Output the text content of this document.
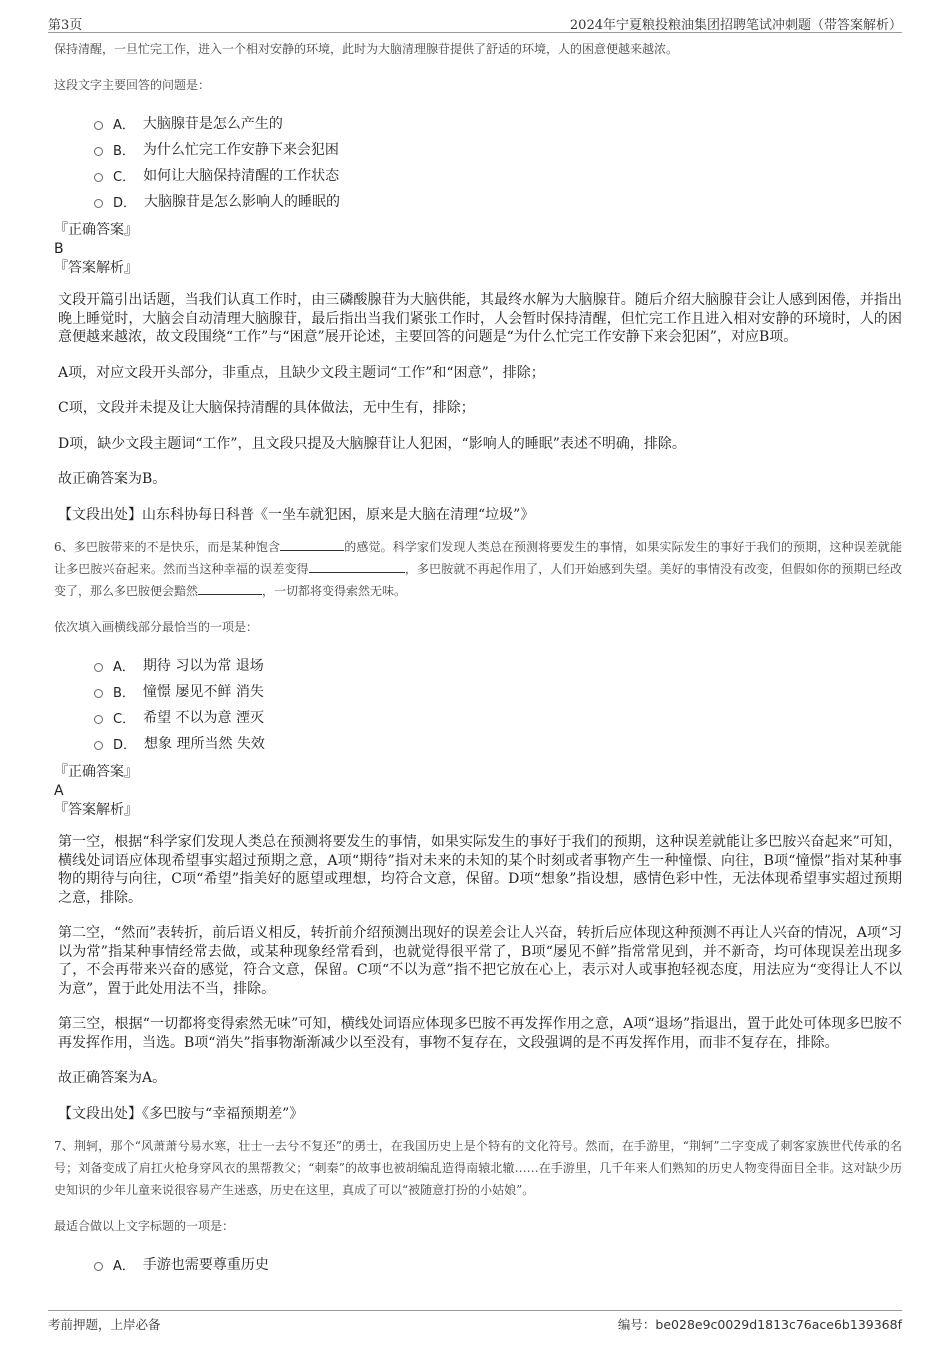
第3页	2024年宁夏粮投粮油集团招聘笔试冲刺题（带答案解析）

保持清醒，一旦忙完工作，进入一个相对安静的环境，此时为大脑清理腺苷提供了舒适的环境，人的困意便越来越浓。

这段文字主要回答的问题是：

A． 大脑腺苷是怎么产生的
B． 为什么忙完工作安静下来会犯困
C． 如何让大脑保持清醒的工作状态
D． 大脑腺苷是怎么影响人的睡眠的

『正确答案』

B

『答案解析』

文段开篇引出话题，当我们认真工作时，由三磷酸腺苷为大脑供能，其最终水解为大脑腺苷。随后介绍大脑腺苷会让人感到困倦，并指出晚上睡觉时，大脑会自动清理大脑腺苷，最后指出当我们紧张工作时，人会暂时保持清醒，但忙完工作且进入相对安静的环境时，人的困意便越来越浓，故文段围绕“工作”与“困意”展开论述，主要回答的问题是“为什么忙完工作安静下来会犯困”，对应B项。

A项，对应文段开头部分，非重点，且缺少文段主题词“工作”和“困意”，排除；

C项，文段并未提及让大脑保持清醒的具体做法，无中生有，排除；

D项，缺少文段主题词“工作”，且文段只提及大脑腺苷让人犯困，“影响人的睡眠”表述不明确，排除。

故正确答案为B。

【文段出处】山东科协每日科普《一坐车就犯困，原来是大脑在清理“垃圾”》

6、多巴胺带来的不是快乐，而是某种饱含	的感觉。科学家们发现人类总在预测将要发生的事情，如果实际发生的事好于我们的预期，这种误差就能让多巴胺兴奋起来。然而当这种幸福的误差变得	，多巴胺就不再起作用了，人们开始感到失望。美好的事情没有改变，但假如你的预期已经改变了，那么多巴胺便会黯然	，一切都将变得索然无味。

依次填入画横线部分最恰当的一项是：

A． 期待 习以为常 退场
B． 憧憬 屡见不鲜 消失
C． 希望 不以为意 湮灭
D． 想象 理所当然 失效

『正确答案』

A

『答案解析』

第一空，根据“科学家们发现人类总在预测将要发生的事情，如果实际发生的事好于我们的预期，这种误差就能让多巴胺兴奋起来”可知，横线处词语应体现希望事实超过预期之意，A项“期待”指对未来的未知的某个时刻或者事物产生一种憧憬、向往，B项“憧憬”指对某种事物的期待与向往，C项“希望”指美好的愿望或理想，均符合文意，保留。D项“想象”指设想，感情色彩中性，无法体现希望事实超过预期之意，排除。

第二空，“然而”表转折，前后语义相反，转折前介绍预测出现好的误差会让人兴奋，转折后应体现这种预测不再让人兴奋的情况，A项“习以为常”指某种事情经常去做，或某种现象经常看到，也就觉得很平常了，B项“屡见不鲜”指常常见到，并不新奇，均可体现误差出现多了，不会再带来兴奋的感觉，符合文意，保留。C项“不以为意”指不把它放在心上，表示对人或事抱轻视态度，用法应为“变得让人不以为意”，置于此处用法不当，排除。

第三空，根据“一切都将变得索然无味”可知，横线处词语应体现多巴胺不再发挥作用之意，A项“退场”指退出，置于此处可体现多巴胺不再发挥作用，当选。B项“消失”指事物渐渐减少以至没有，事物不复存在，文段强调的是不再发挥作用，而非不复存在，排除。

故正确答案为A。

【文段出处】《多巴胺与“幸福预期差”》

7、荆轲，那个“风萧萧兮易水寒，壮士一去兮不复还”的勇士，在我国历史上是个特有的文化符号。然而，在手游里，“荆轲”二字变成了刺客家族世代传承的名号；刘备变成了肩扛火枪身穿风衣的黑帮教父；“刺秦”的故事也被胡编乱造得南辕北辙……在手游里，几千年来人们熟知的历史人物变得面目全非。这对缺少历史知识的少年儿童来说很容易产生迷惑，历史在这里，真成了可以“被随意打扮的小姑娘”。

最适合做以上文字标题的一项是：

A． 手游也需要尊重历史
考前押题，上岸必备	编号：be028e9c0029d1813c76ace6b139368f
